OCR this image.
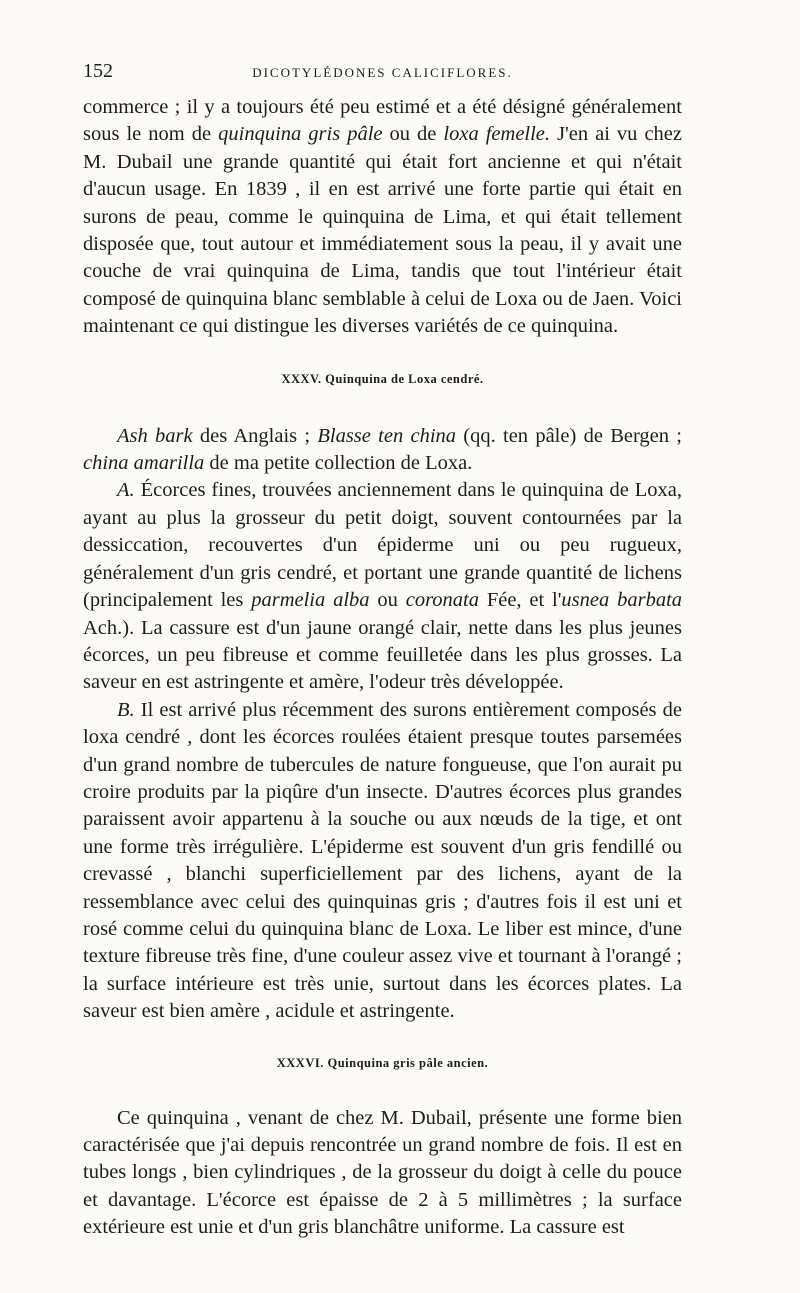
152	DICOTYLÉDONES CALICIFLORES.

commerce ; il y a toujours été peu estimé et a été désigné généralement sous le nom de quinquina gris pâle ou de loxa femelle. J'en ai vu chez M. Dubail une grande quantité qui était fort ancienne et qui n'était d'aucun usage. En 1839 , il en est arrivé une forte partie qui était en surons de peau, comme le quinquina de Lima, et qui était tellement disposée que, tout autour et immédiatement sous la peau, il y avait une couche de vrai quinquina de Lima, tandis que tout l'intérieur était composé de quinquina blanc semblable à celui de Loxa ou de Jaen. Voici maintenant ce qui distingue les diverses variétés de ce quinquina.

XXXV. Quinquina de Loxa cendré.

Ash bark des Anglais ; Blasse ten china (qq. ten pâle) de Bergen ; china amarilla de ma petite collection de Loxa.

A. Écorces fines, trouvées anciennement dans le quinquina de Loxa, ayant au plus la grosseur du petit doigt, souvent contournées par la dessiccation, recouvertes d'un épiderme uni ou peu rugueux, généralement d'un gris cendré, et portant une grande quantité de lichens (principalement les parmelia alba ou coronata Fée, et l'usnea barbata Ach.). La cassure est d'un jaune orangé clair, nette dans les plus jeunes écorces, un peu fibreuse et comme feuilletée dans les plus grosses. La saveur en est astringente et amère, l'odeur très développée.

B. Il est arrivé plus récemment des surons entièrement composés de loxa cendré , dont les écorces roulées étaient presque toutes parsemées d'un grand nombre de tubercules de nature fongueuse, que l'on aurait pu croire produits par la piqûre d'un insecte. D'autres écorces plus grandes paraissent avoir appartenu à la souche ou aux nœuds de la tige, et ont une forme très irrégulière. L'épiderme est souvent d'un gris fendillé ou crevassé , blanchi superficiellement par des lichens, ayant de la ressemblance avec celui des quinquinas gris ; d'autres fois il est uni et rosé comme celui du quinquina blanc de Loxa. Le liber est mince, d'une texture fibreuse très fine, d'une couleur assez vive et tournant à l'orangé ; la surface intérieure est très unie, surtout dans les écorces plates. La saveur est bien amère , acidule et astringente.

XXXVI. Quinquina gris pâle ancien.

Ce quinquina , venant de chez M. Dubail, présente une forme bien caractérisée que j'ai depuis rencontrée un grand nombre de fois. Il est en tubes longs , bien cylindriques , de la grosseur du doigt à celle du pouce et davantage. L'écorce est épaisse de 2 à 5 millimètres ; la surface extérieure est unie et d'un gris blanchâtre uniforme. La cassure est
